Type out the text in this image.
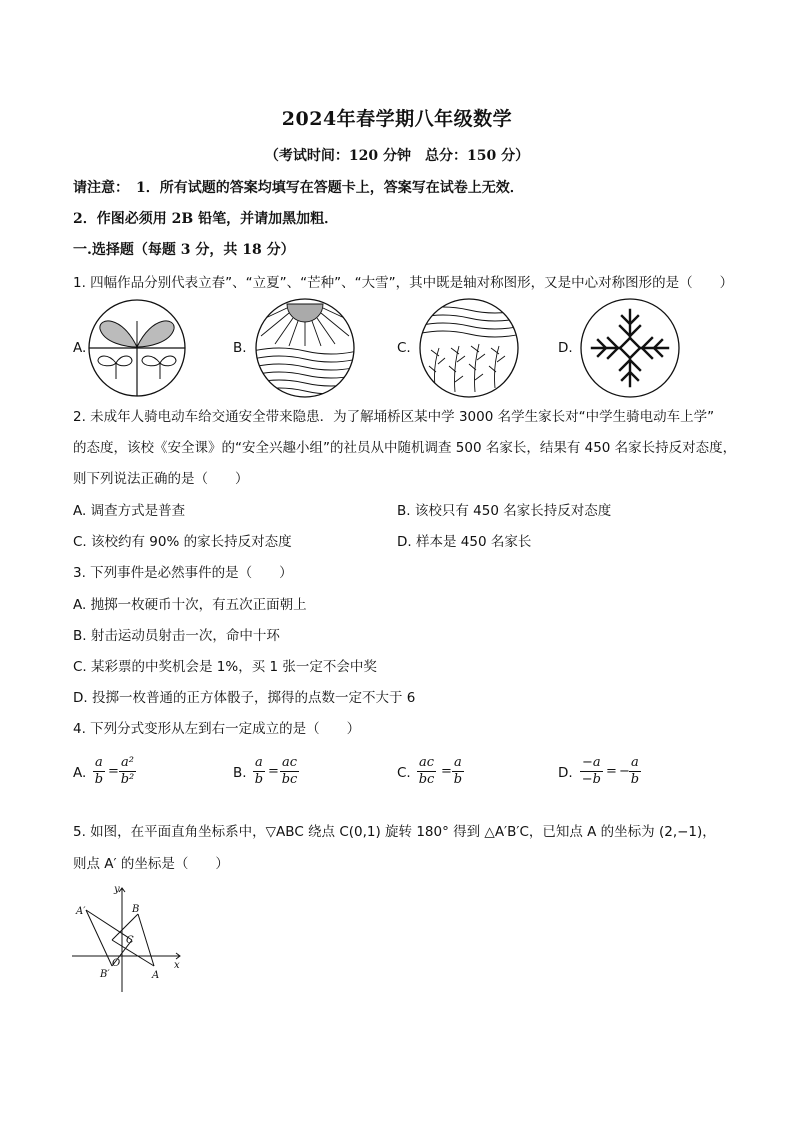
2024年春学期八年级数学
（考试时间：120 分钟　总分：150 分）
请注意：　1．所有试题的答案均填写在答题卡上，答案写在试卷上无效．
2．作图必须用 2B 铅笔，并请加黑加粗．
一.选择题（每题 3 分，共 18 分）
1. 四幅作品分别代表立春”、“立夏”、“芒种”、“大雪”，其中既是轴对称图形，又是中心对称图形的是（　　）
A.	B.	C.	D.
2. 未成年人骑电动车给交通安全带来隐患．为了解埇桥区某中学 3000 名学生家长对“中学生骑电动车上学”
的态度，该校《安全课》的“安全兴趣小组”的社员从中随机调查 500 名家长，结果有 450 名家长持反对态度，
则下列说法正确的是（　　）
A. 调查方式是普查	B. 该校只有 450 名家长持反对态度
C. 该校约有 90% 的家长持反对态度	D. 样本是 450 名家长
3. 下列事件是必然事件的是（　　）
A. 抛掷一枚硬币十次，有五次正面朝上
B. 射击运动员射击一次，命中十环
C. 某彩票的中奖机会是 1%，买 1 张一定不会中奖
D. 投掷一枚普通的正方体骰子，掷得的点数一定不大于 6
4. 下列分式变形从左到右一定成立的是（　　）
A. $\frac{a}{b} = \frac{\text{a²}}{\text{b²}}$	B. $\frac{a}{b} = \frac{ac}{bc}$	C. $\frac{ac}{bc} = \frac{a}{b}$	D. $\frac{-a}{-b}$ = − $\frac{a}{b}$
5. 如图，在平面直角坐标系中，▽ABC 绕点 C(0,1) 旋转 180° 得到 △A′B′C，已知点 A 的坐标为 (2,−1)，
则点 A′ 的坐标是（　　）
A′	B
C
O
B′	A
x
y
